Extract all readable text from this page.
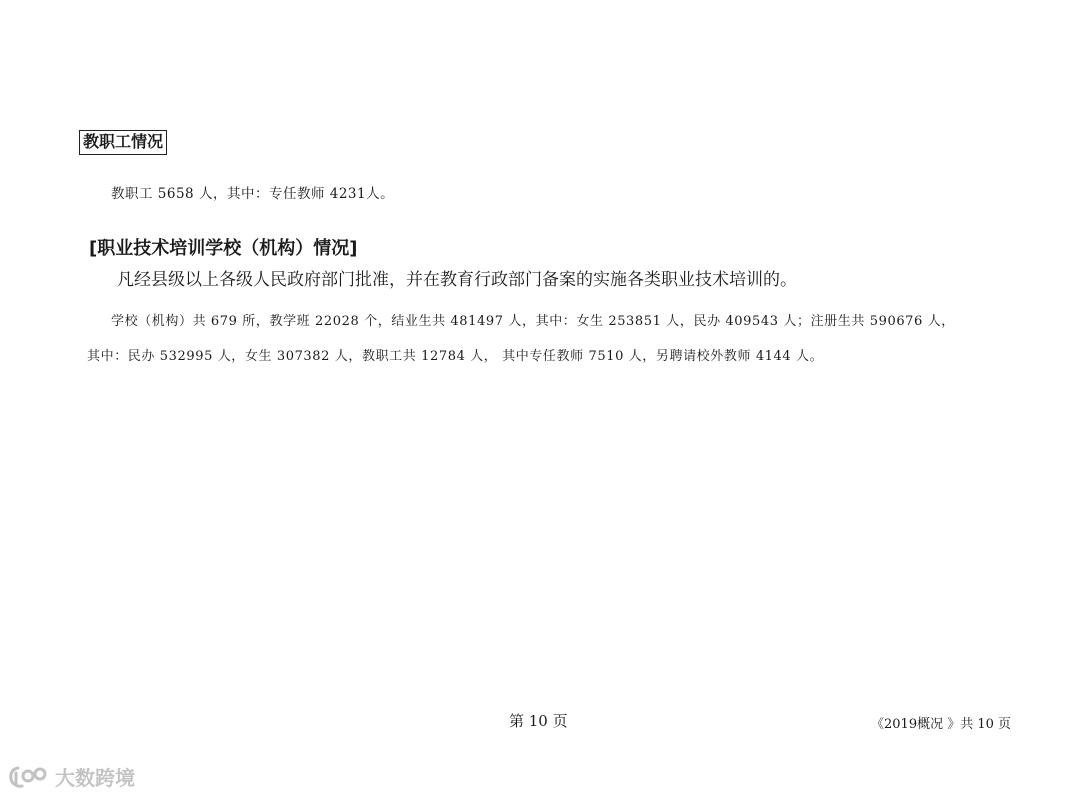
教职工情况
教职工 5658 人，其中：专任教师 4231人。
[职业技术培训学校（机构）情况]
凡经县级以上各级人民政府部门批准，并在教育行政部门备案的实施各类职业技术培训的。
学校（机构）共 679 所，教学班 22028 个，结业生共 481497 人，其中：女生 253851 人，民办 409543 人；注册生共 590676 人，
其中：民办 532995 人，女生 307382 人，教职工共 12784 人， 其中专任教师 7510 人，另聘请校外教师 4144 人。
第 10 页	《2019概况 》共 10 页
大数跨境
